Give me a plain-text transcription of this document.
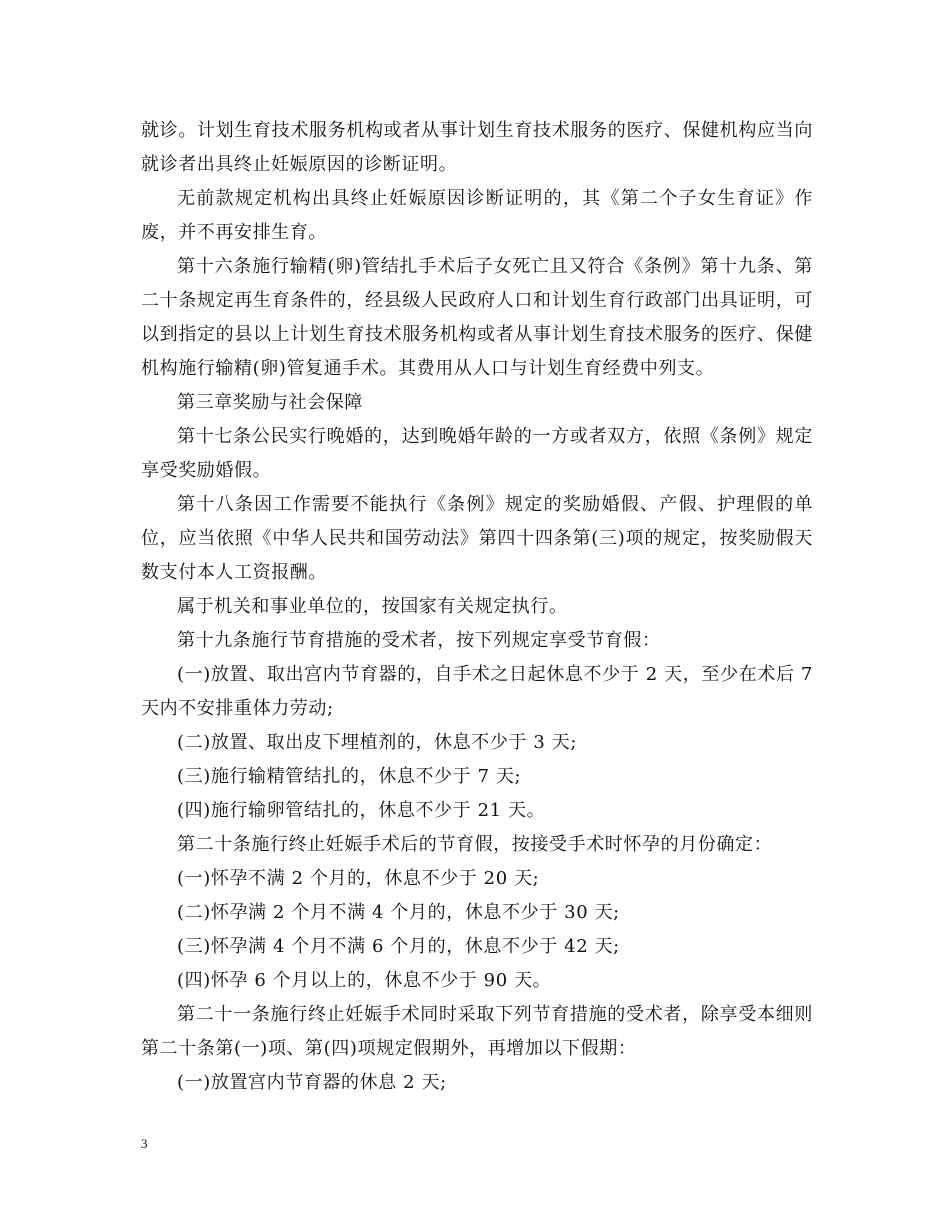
就诊。计划生育技术服务机构或者从事计划生育技术服务的医疗、保健机构应当向就诊者出具终止妊娠原因的诊断证明。

无前款规定机构出具终止妊娠原因诊断证明的，其《第二个子女生育证》作废，并不再安排生育。

第十六条施行输精(卵)管结扎手术后子女死亡且又符合《条例》第十九条、第二十条规定再生育条件的，经县级人民政府人口和计划生育行政部门出具证明，可以到指定的县以上计划生育技术服务机构或者从事计划生育技术服务的医疗、保健机构施行输精(卵)管复通手术。其费用从人口与计划生育经费中列支。

第三章奖励与社会保障

第十七条公民实行晚婚的，达到晚婚年龄的一方或者双方，依照《条例》规定享受奖励婚假。

第十八条因工作需要不能执行《条例》规定的奖励婚假、产假、护理假的单位，应当依照《中华人民共和国劳动法》第四十四条第(三)项的规定，按奖励假天数支付本人工资报酬。

属于机关和事业单位的，按国家有关规定执行。

第十九条施行节育措施的受术者，按下列规定享受节育假：

(一)放置、取出宫内节育器的，自手术之日起休息不少于 2 天，至少在术后 7 天内不安排重体力劳动;

(二)放置、取出皮下埋植剂的，休息不少于 3 天;

(三)施行输精管结扎的，休息不少于 7 天;

(四)施行输卵管结扎的，休息不少于 21 天。

第二十条施行终止妊娠手术后的节育假，按接受手术时怀孕的月份确定：

(一)怀孕不满 2 个月的，休息不少于 20 天;

(二)怀孕满 2 个月不满 4 个月的，休息不少于 30 天;

(三)怀孕满 4 个月不满 6 个月的，休息不少于 42 天;

(四)怀孕 6 个月以上的，休息不少于 90 天。

第二十一条施行终止妊娠手术同时采取下列节育措施的受术者，除享受本细则第二十条第(一)项、第(四)项规定假期外，再增加以下假期：

(一)放置宫内节育器的休息 2 天;

3
